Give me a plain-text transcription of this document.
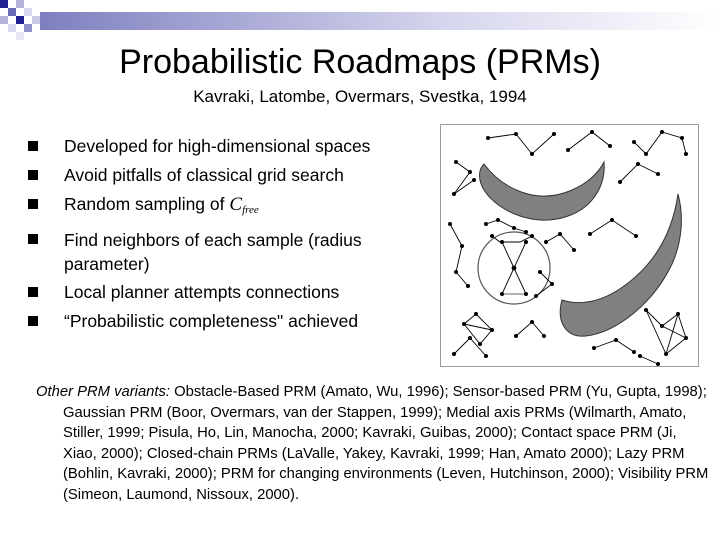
Probabilistic Roadmaps (PRMs)
Kavraki, Latombe, Overmars, Svestka, 1994
Developed for high-dimensional spaces
Avoid pitfalls of classical grid search
Random sampling of $C_{free}$
Find neighbors of each sample (radius parameter)
Local planner attempts connections
“Probabilistic completeness" achieved
Other PRM variants: Obstacle-Based PRM (Amato, Wu, 1996); Sensor-based PRM (Yu, Gupta, 1998); Gaussian PRM (Boor, Overmars, van der Stappen, 1999); Medial axis PRMs (Wilmarth, Amato, Stiller, 1999; Pisula, Ho, Lin, Manocha, 2000; Kavraki, Guibas, 2000); Contact space PRM (Ji, Xiao, 2000); Closed-chain PRMs (LaValle, Yakey, Kavraki, 1999; Han, Amato 2000); Lazy PRM (Bohlin, Kavraki, 2000); PRM for changing environments (Leven, Hutchinson, 2000); Visibility PRM (Simeon, Laumond, Nissoux, 2000).
